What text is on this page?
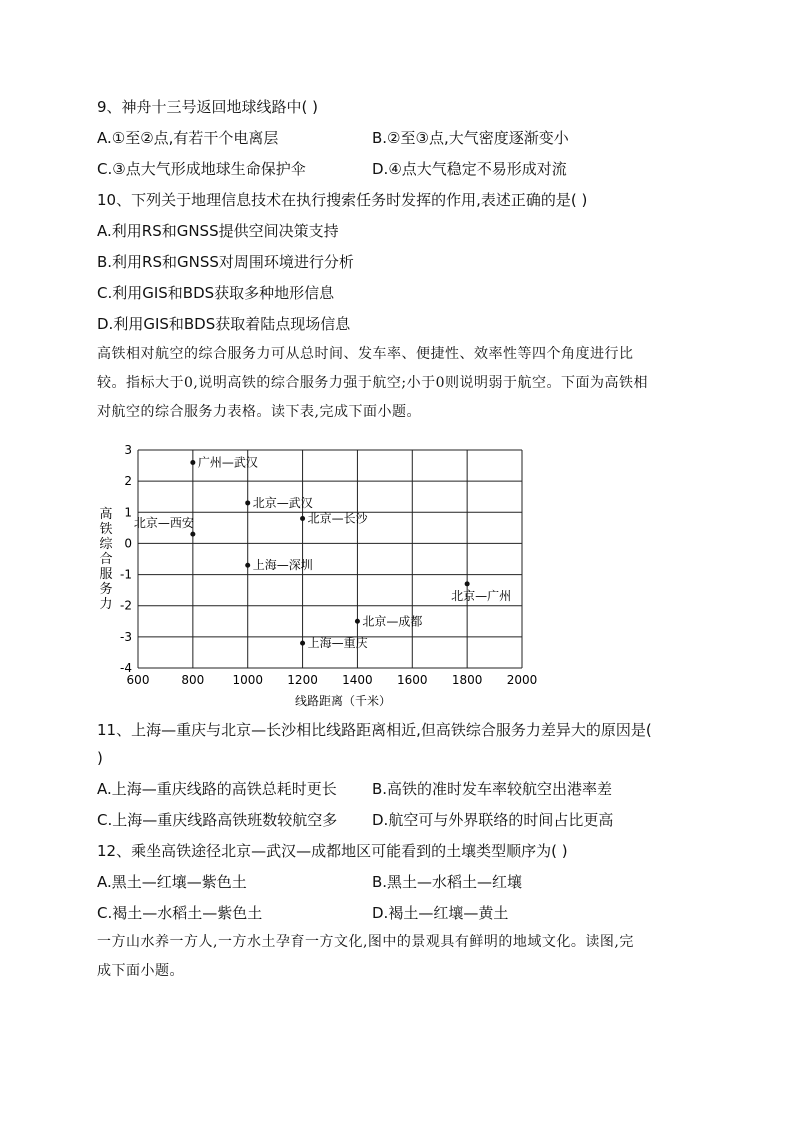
9、神舟十三号返回地球线路中( )
A.①至②点,有若干个电离层	B.②至③点,大气密度逐渐变小
C.③点大气形成地球生命保护伞	D.④点大气稳定不易形成对流
10、下列关于地理信息技术在执行搜索任务时发挥的作用,表述正确的是( )
A.利用RS和GNSS提供空间决策支持
B.利用RS和GNSS对周围环境进行分析
C.利用GIS和BDS获取多种地形信息
D.利用GIS和BDS获取着陆点现场信息
高铁相对航空的综合服务力可从总时间、发车率、便捷性、效率性等四个角度进行比
较。指标大于0,说明高铁的综合服务力强于航空;小于0则说明弱于航空。下面为高铁相
对航空的综合服务力表格。读下表,完成下面小题。
600	800 1000 1200 1400 1600 1800 2000
3
2
1
0
-1
-2
-3
-4
广州—武汉
北京—武汉
北京—长沙
北京—西安
上海—深圳
北京—广州
北京—成都
上海—重庆
线路距离（千米）
高铁综合服务力
11、上海—重庆与北京—长沙相比线路距离相近,但高铁综合服务力差异大的原因是(
)
A.上海—重庆线路的高铁总耗时更长 B.高铁的准时发车率较航空出港率差
C.上海—重庆线路高铁班数较航空多 D.航空可与外界联络的时间占比更高
12、乘坐高铁途径北京—武汉—成都地区可能看到的土壤类型顺序为( )
A.黑土—红壤—紫色土	B.黑土—水稻土—红壤
C.褐土—水稻土—紫色土	D.褐土—红壤—黄土
一方山水养一方人,一方水土孕育一方文化,图中的景观具有鲜明的地域文化。读图,完
成下面小题。
